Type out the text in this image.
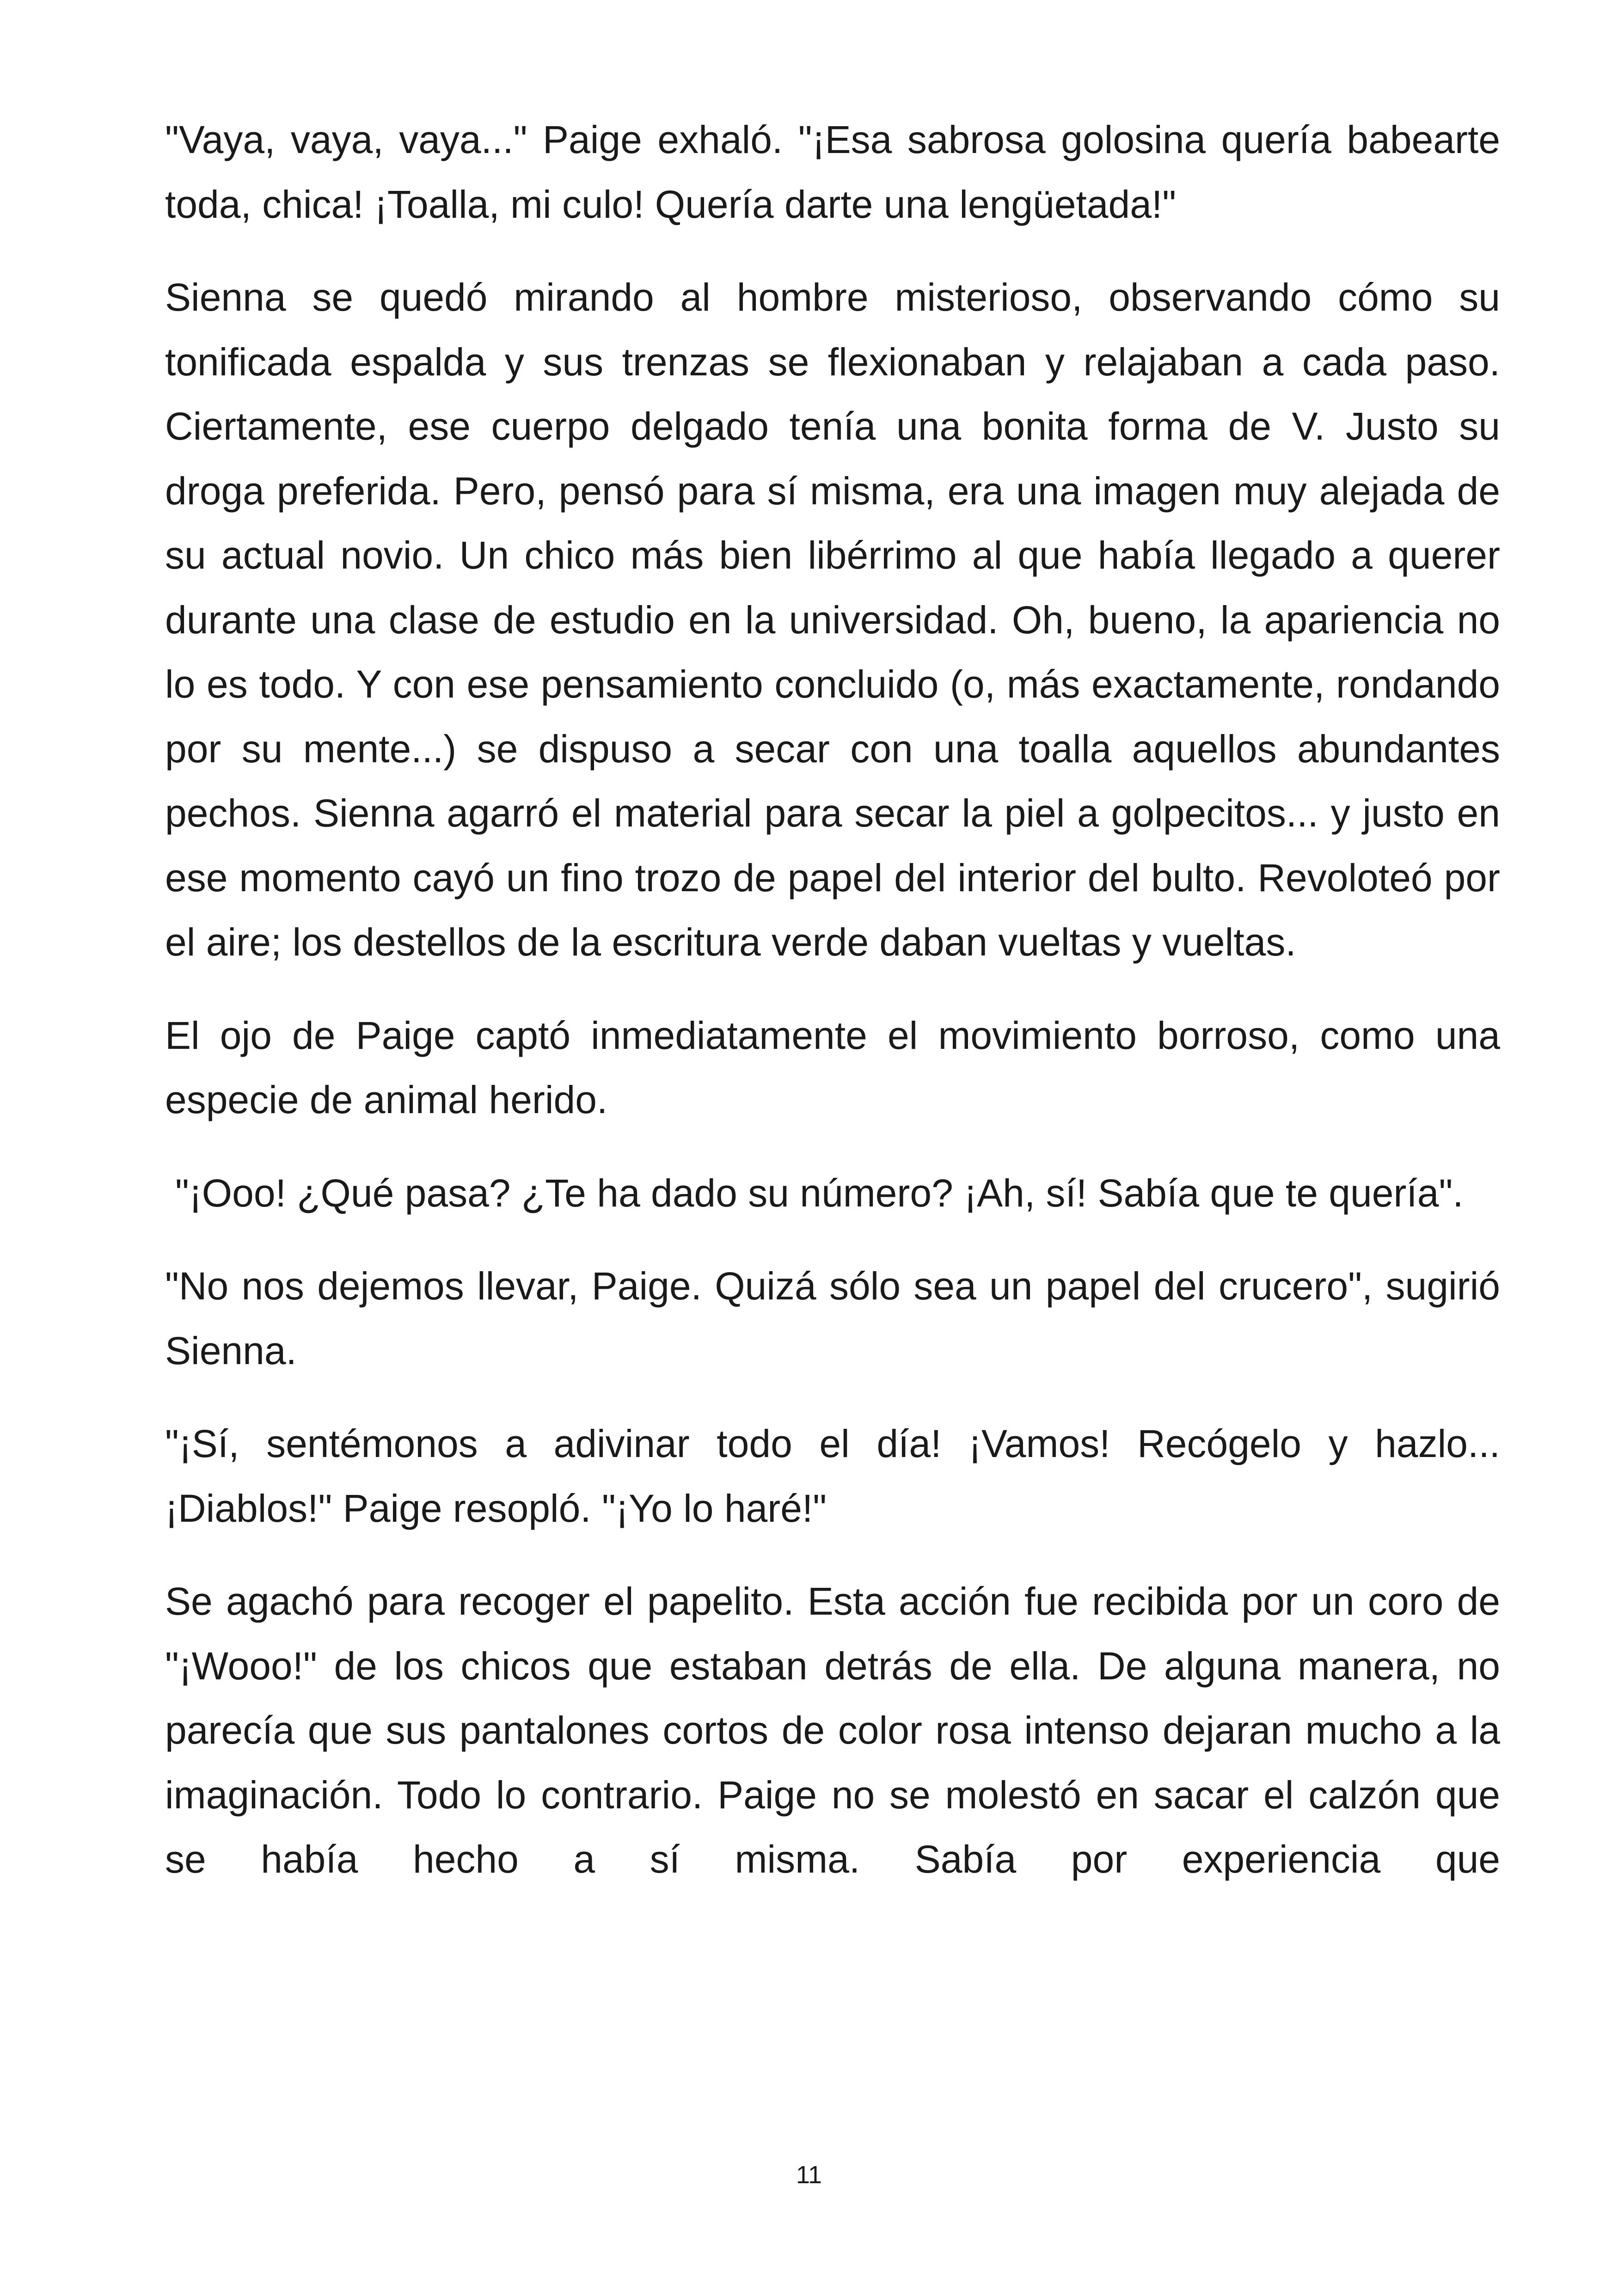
"Vaya, vaya, vaya..." Paige exhaló. "¡Esa sabrosa golosina quería babearte toda, chica! ¡Toalla, mi culo! Quería darte una lengüetada!"

Sienna se quedó mirando al hombre misterioso, observando cómo su tonificada espalda y sus trenzas se flexionaban y relajaban a cada paso. Ciertamente, ese cuerpo delgado tenía una bonita forma de V. Justo su droga preferida. Pero, pensó para sí misma, era una imagen muy alejada de su actual novio. Un chico más bien libérrimo al que había llegado a querer durante una clase de estudio en la universidad. Oh, bueno, la apariencia no lo es todo. Y con ese pensamiento concluido (o, más exactamente, rondando por su mente...) se dispuso a secar con una toalla aquellos abundantes pechos. Sienna agarró el material para secar la piel a golpecitos... y justo en ese momento cayó un fino trozo de papel del interior del bulto. Revoloteó por el aire; los destellos de la escritura verde daban vueltas y vueltas.

El ojo de Paige captó inmediatamente el movimiento borroso, como una especie de animal herido.

"¡Ooo! ¿Qué pasa? ¿Te ha dado su número? ¡Ah, sí! Sabía que te quería".

"No nos dejemos llevar, Paige. Quizá sólo sea un papel del crucero", sugirió Sienna.

"¡Sí, sentémonos a adivinar todo el día! ¡Vamos! Recógelo y hazlo... ¡Diablos!" Paige resopló. "¡Yo lo haré!"

Se agachó para recoger el papelito. Esta acción fue recibida por un coro de "¡Wooo!" de los chicos que estaban detrás de ella. De alguna manera, no parecía que sus pantalones cortos de color rosa intenso dejaran mucho a la imaginación. Todo lo contrario. Paige no se molestó en sacar el calzón que se había hecho a sí misma. Sabía por experiencia que

11
